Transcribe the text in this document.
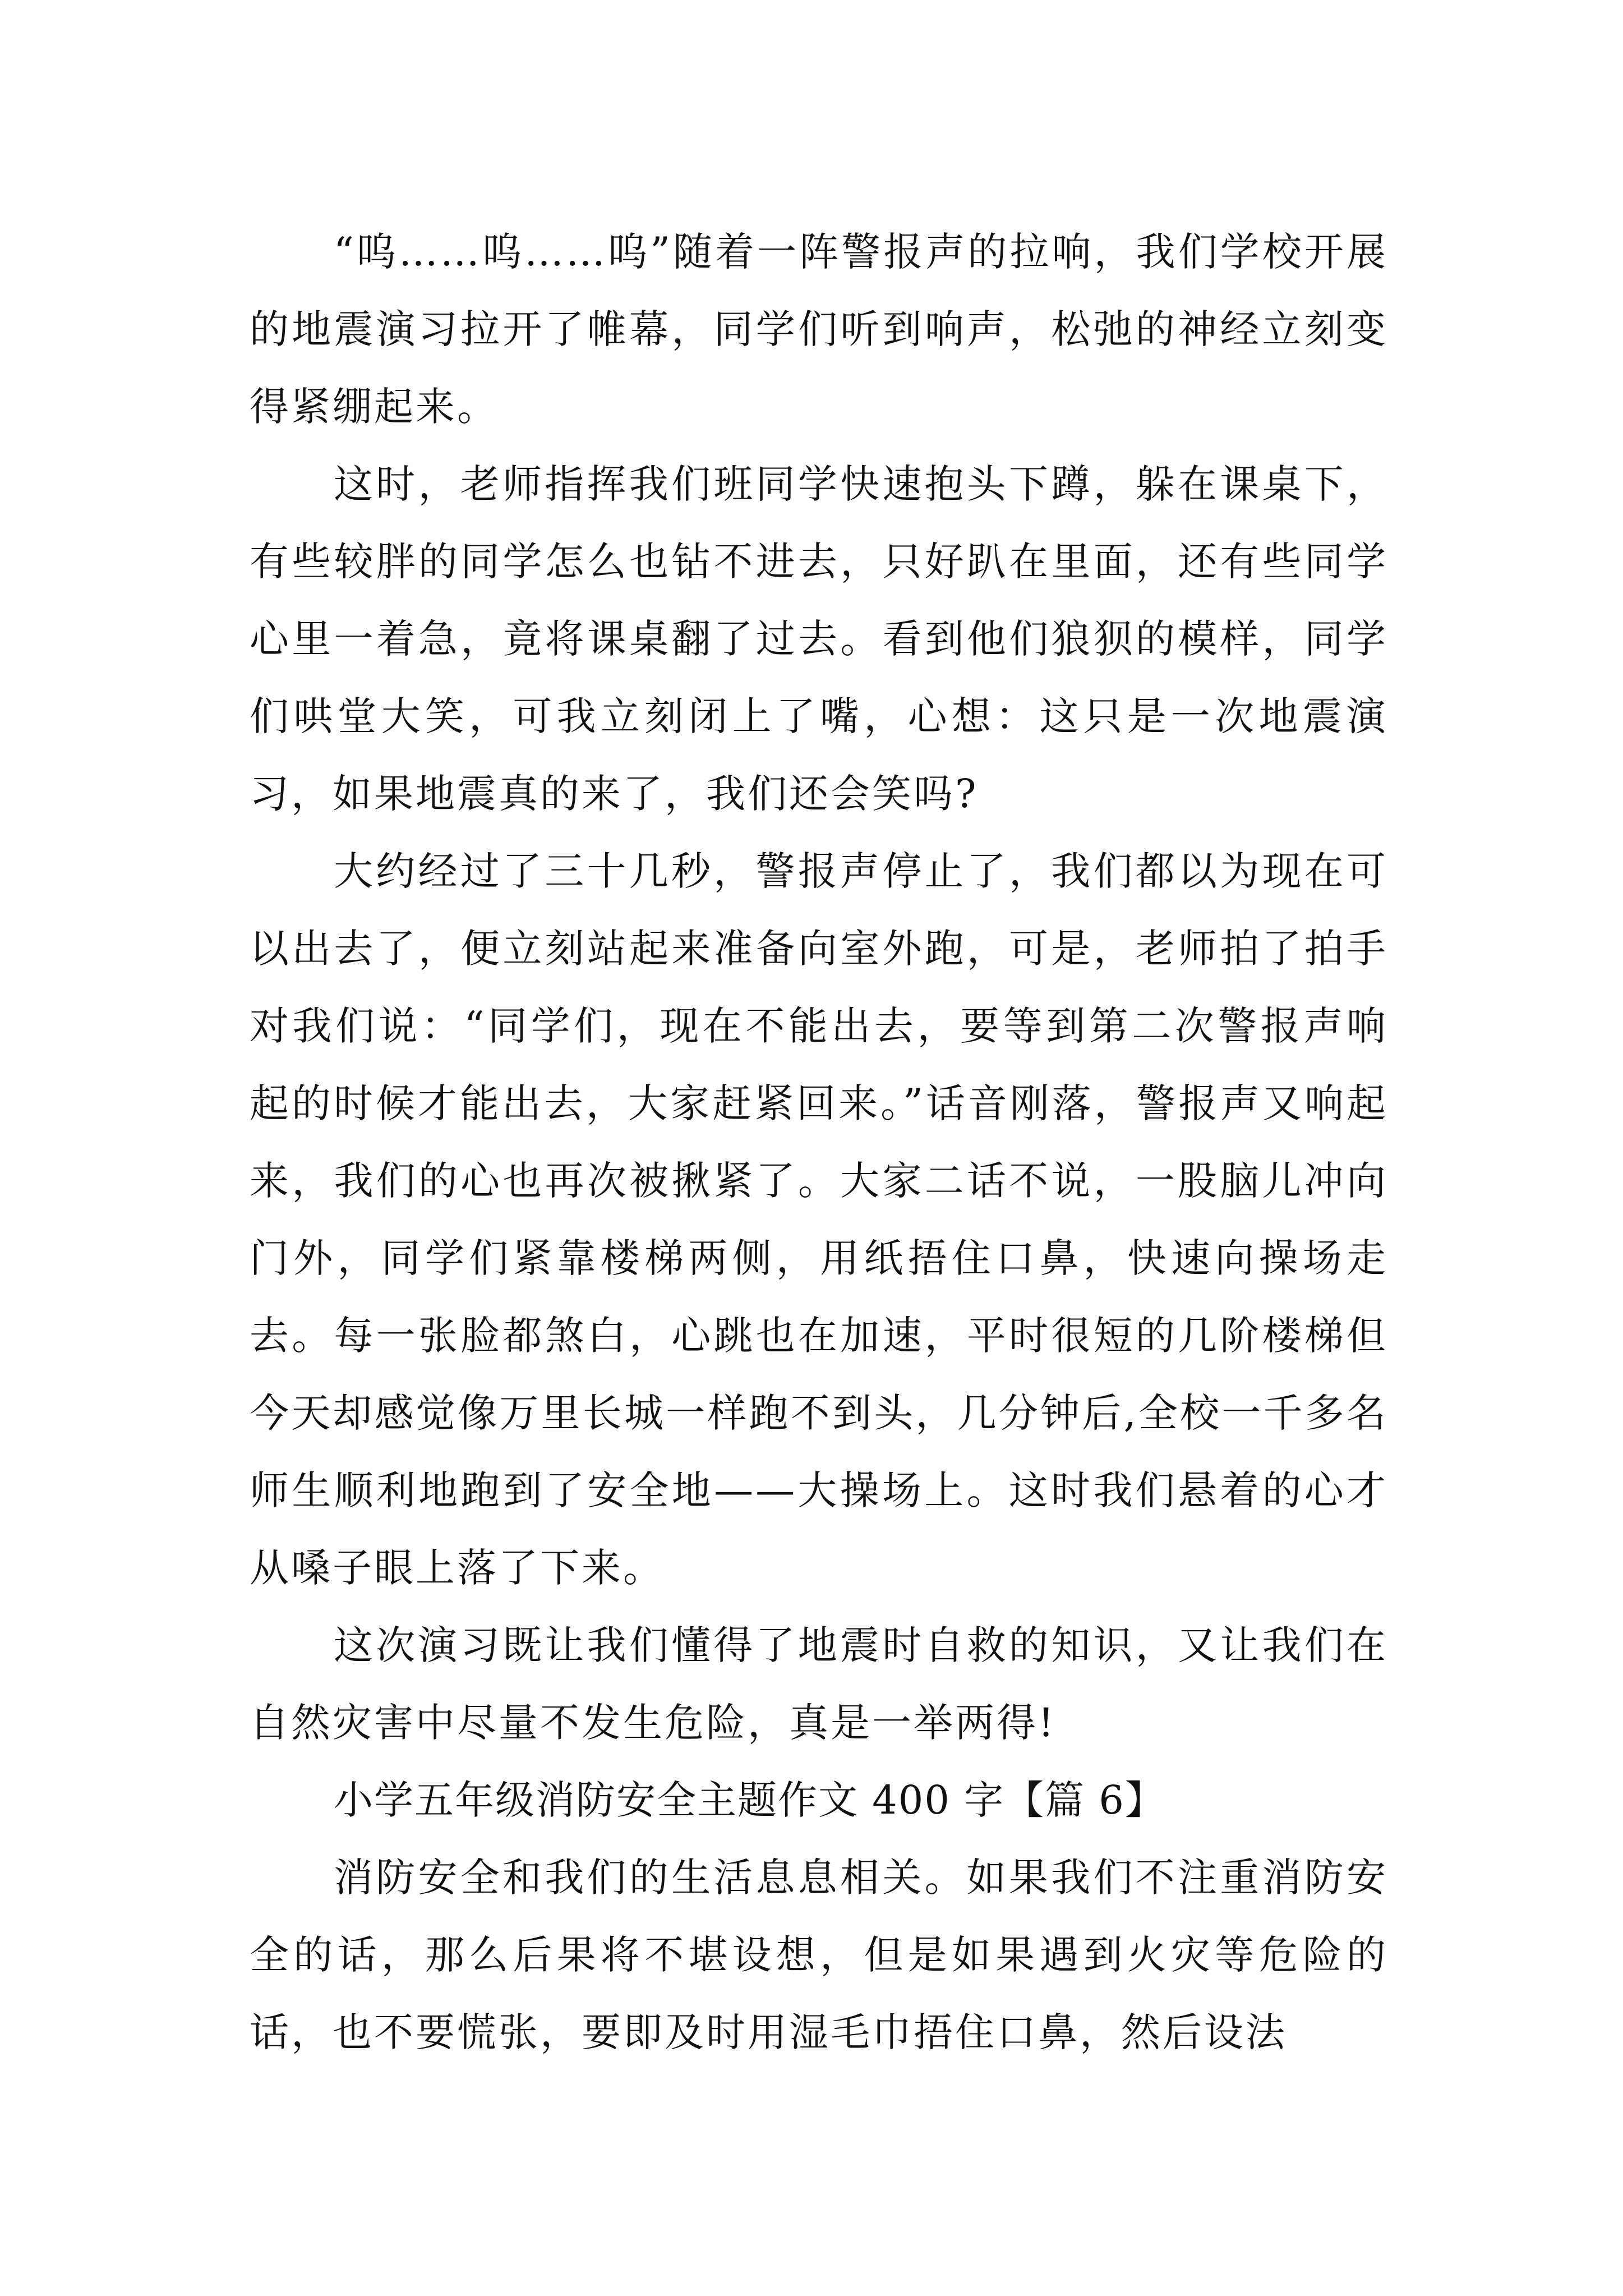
“呜……呜……呜”随着一阵警报声的拉响，我们学校开展的地震演习拉开了帷幕，同学们听到响声，松弛的神经立刻变得紧绷起来。

这时，老师指挥我们班同学快速抱头下蹲，躲在课桌下，有些较胖的同学怎么也钻不进去，只好趴在里面，还有些同学心里一着急，竟将课桌翻了过去。看到他们狼狈的模样，同学们哄堂大笑，可我立刻闭上了嘴，心想：这只是一次地震演习，如果地震真的来了，我们还会笑吗?

大约经过了三十几秒，警报声停止了，我们都以为现在可以出去了，便立刻站起来准备向室外跑，可是，老师拍了拍手对我们说：“同学们，现在不能出去，要等到第二次警报声响起的时候才能出去，大家赶紧回来。”话音刚落，警报声又响起来，我们的心也再次被揪紧了。大家二话不说，一股脑儿冲向门外，同学们紧靠楼梯两侧，用纸捂住口鼻，快速向操场走去。每一张脸都煞白，心跳也在加速，平时很短的几阶楼梯但今天却感觉像万里长城一样跑不到头，几分钟后,全校一千多名师生顺利地跑到了安全地——大操场上。这时我们悬着的心才从嗓子眼上落了下来。

这次演习既让我们懂得了地震时自救的知识，又让我们在自然灾害中尽量不发生危险，真是一举两得!

小学五年级消防安全主题作文 400 字【篇 6】

消防安全和我们的生活息息相关。如果我们不注重消防安全的话，那么后果将不堪设想，但是如果遇到火灾等危险的话，也不要慌张，要即及时用湿毛巾捂住口鼻，然后设法
